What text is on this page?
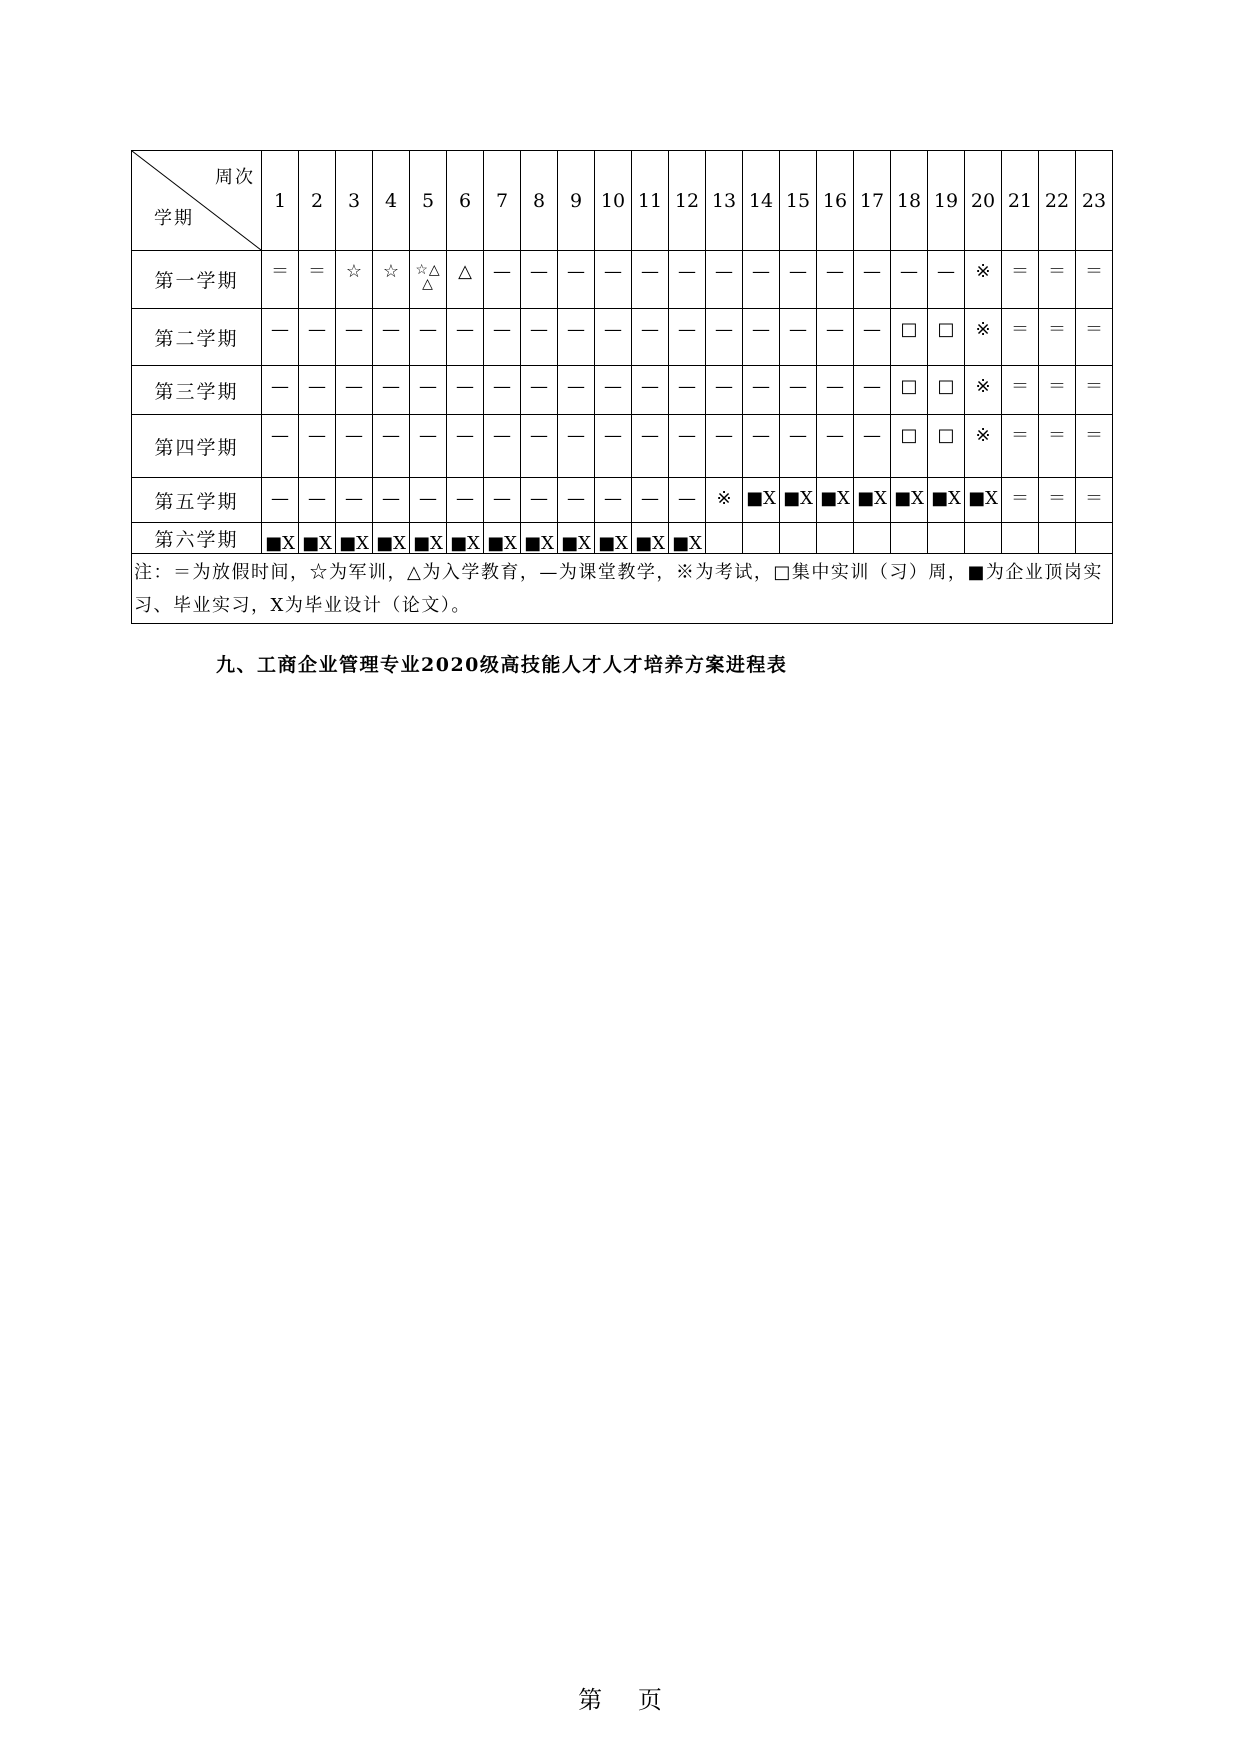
周次
学期	1	2	3	4	5	6	7	8	9	10	11	12	13	14	15	16	17	18	19	20	21	22	23
第一学期	＝	＝	☆	☆	☆△ △	△	—	—	—	—	—	—	—	—	—	—	—	—	—	※	＝	＝	＝
第二学期	—	—	—	—	—	—	—	—	—	—	—	—	—	—	—	—	—	□	□	※	＝	＝	＝
第三学期	—	—	—	—	—	—	—	—	—	—	—	—	—	—	—	—	—	□	□	※	＝	＝	＝
第四学期	—	—	—	—	—	—	—	—	—	—	—	—	—	—	—	—	—	□	□	※	＝	＝	＝
第五学期	—	—	—	—	—	—	—	—	—	—	—	—	※	■X	■X	■X	■X	■X	■X	■X	＝	＝	＝
第六学期	■X	■X	■X	■X	■X	■X	■X	■X	■X	■X	■X	■X											
注：＝为放假时间，☆为军训，△为入学教育，—为课堂教学，※为考试，□集中实训（习）周，■为企业顶岗实习、毕业实习，X为毕业设计（论文）。																							
九、工商企业管理专业2020级高技能人才人才培养方案进程表
第 页
